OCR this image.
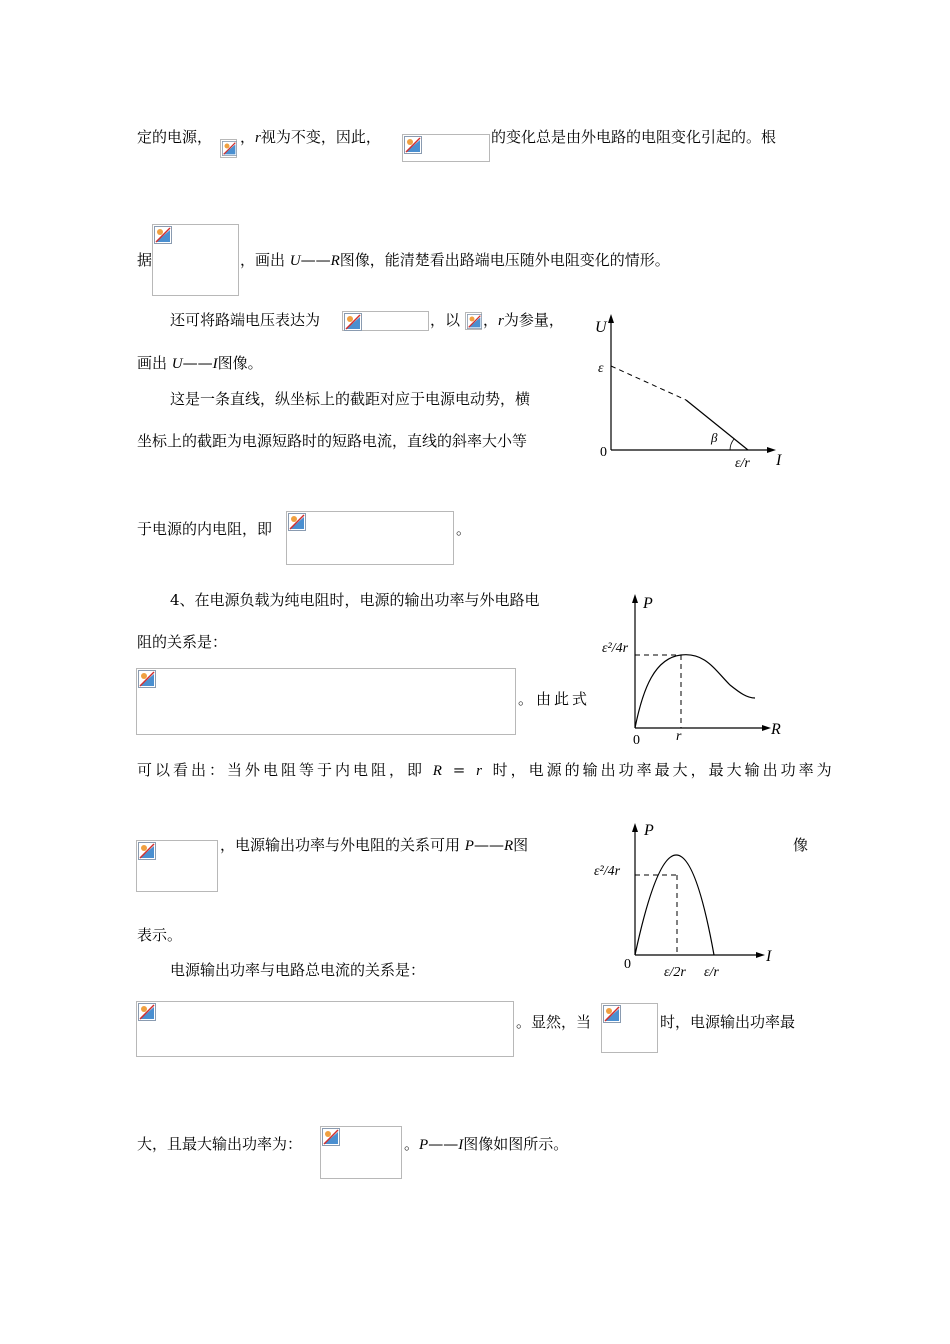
定的电源， ，r视为不变，因此，	的变化总是由外电路的电阻变化引起的。根
据	，画出 U——R图像，能清楚看出路端电压随外电阻变化的情形。
还可将路端电压表达为	，以 ，r为参量，
画出 U——I图像。
这是一条直线，纵坐标上的截距对应于电源电动势，横
坐标上的截距为电源短路时的短路电流，直线的斜率大小等
U
ε
0
β
ε/r I
于电源的内电阻，即	。
4、在电源负载为纯电阻时，电源的输出功率与外电路电
阻的关系是：
。由此式
P
ε²/4r
0	r	R
可以看出：当外电阻等于内电阻，即 R = r 时，电源的输出功率最大，最大输出功率为
，电源输出功率与外电阻的关系可用 P——R图	像
P
ε²/4r
0
ε/2r ε/r
I
表示。
电源输出功率与电路总电流的关系是：
。显然，当	时，电源输出功率最
大，且最大输出功率为：	。P——I图像如图所示。
